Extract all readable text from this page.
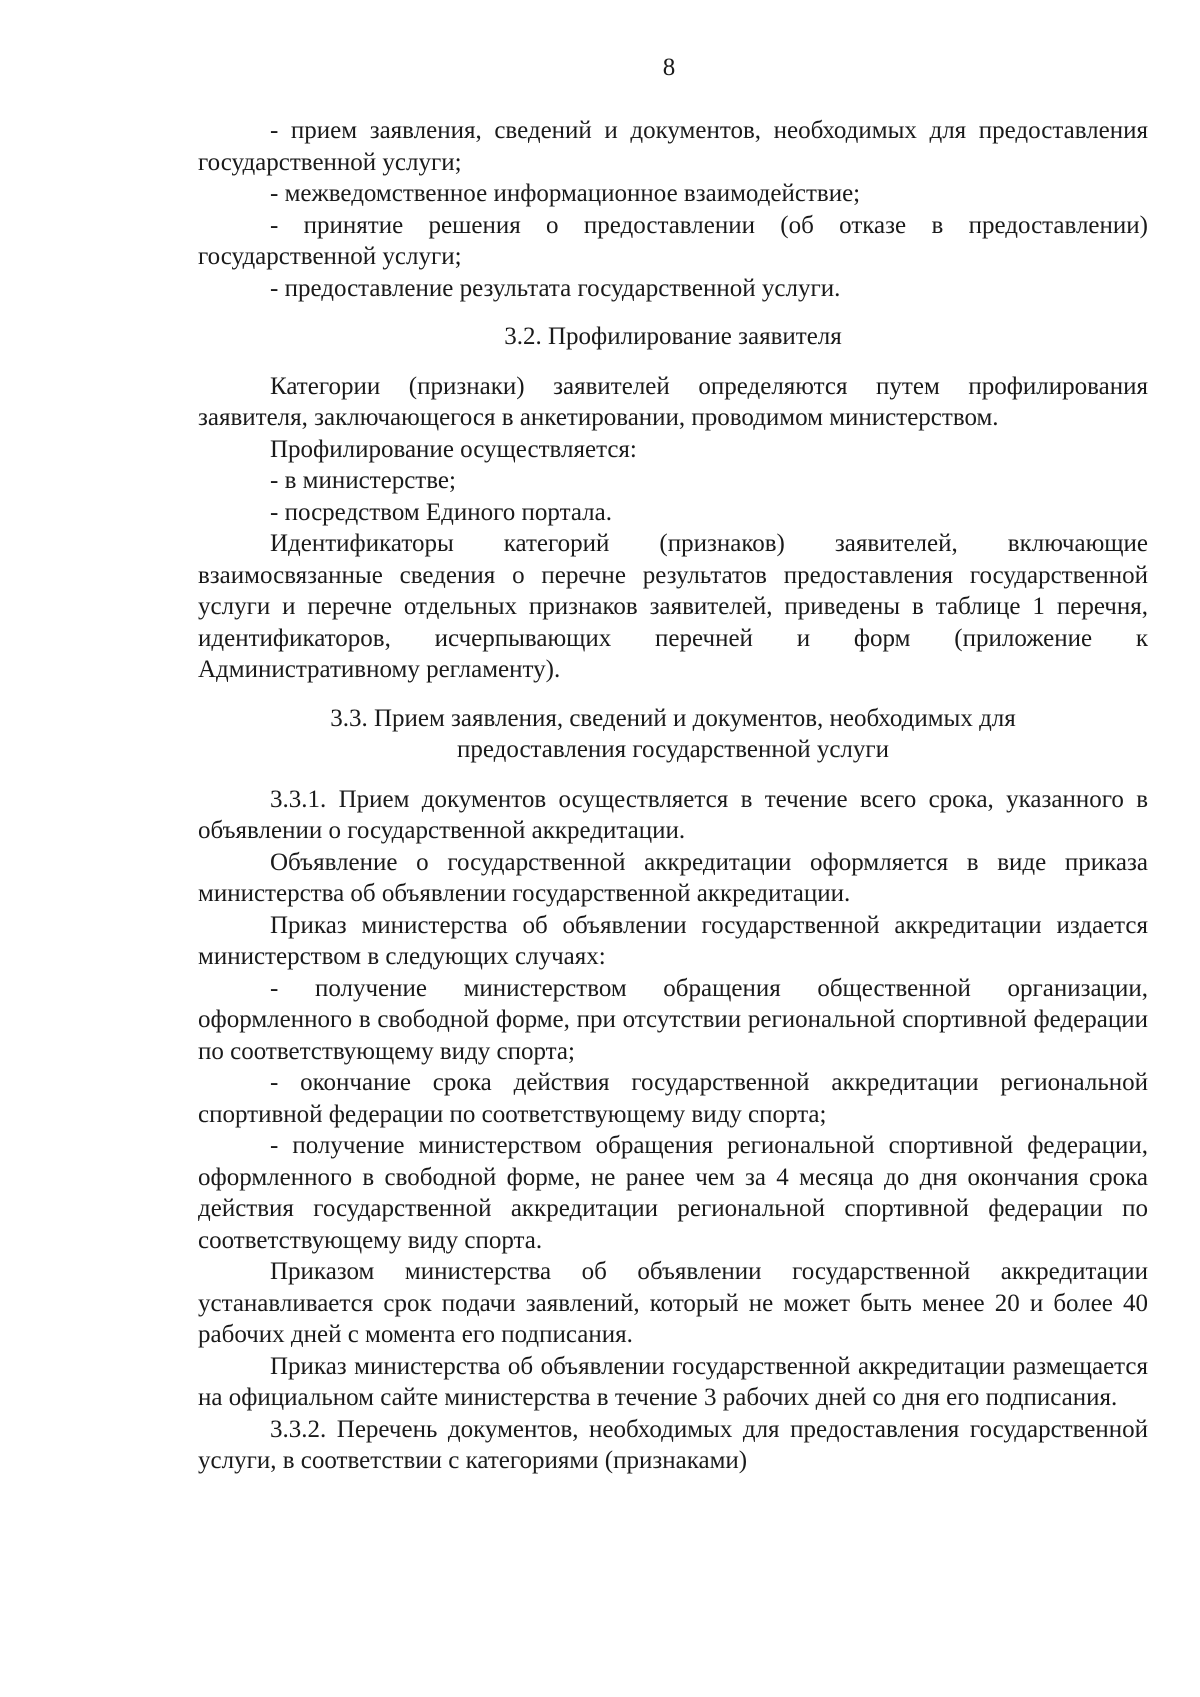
8

- прием заявления, сведений и документов, необходимых для предоставления государственной услуги;

- межведомственное информационное взаимодействие;

- принятие решения о предоставлении (об отказе в предоставлении) государственной услуги;

- предоставление результата государственной услуги.

3.2. Профилирование заявителя

Категории (признаки) заявителей определяются путем профилирования заявителя, заключающегося в анкетировании, проводимом министерством.

Профилирование осуществляется:

- в министерстве;

- посредством Единого портала.

Идентификаторы категорий (признаков) заявителей, включающие взаимосвязанные сведения о перечне результатов предоставления государственной услуги и перечне отдельных признаков заявителей, приведены в таблице 1 перечня, идентификаторов, исчерпывающих перечней и форм (приложение к Административному регламенту).

3.3. Прием заявления, сведений и документов, необходимых для

предоставления государственной услуги

3.3.1. Прием документов осуществляется в течение всего срока, указанного в объявлении о государственной аккредитации.

Объявление о государственной аккредитации оформляется в виде приказа министерства об объявлении государственной аккредитации.

Приказ министерства об объявлении государственной аккредитации издается министерством в следующих случаях:

- получение министерством обращения общественной организации, оформленного в свободной форме, при отсутствии региональной спортивной федерации по соответствующему виду спорта;

- окончание срока действия государственной аккредитации региональной спортивной федерации по соответствующему виду спорта;

- получение министерством обращения региональной спортивной федерации, оформленного в свободной форме, не ранее чем за 4 месяца до дня окончания срока действия государственной аккредитации региональной спортивной федерации по соответствующему виду спорта.

Приказом министерства об объявлении государственной аккредитации устанавливается срок подачи заявлений, который не может быть менее 20 и более 40 рабочих дней с момента его подписания.

Приказ министерства об объявлении государственной аккредитации размещается на официальном сайте министерства в течение 3 рабочих дней со дня его подписания.

3.3.2. Перечень документов, необходимых для предоставления государственной услуги, в соответствии с категориями (признаками)
